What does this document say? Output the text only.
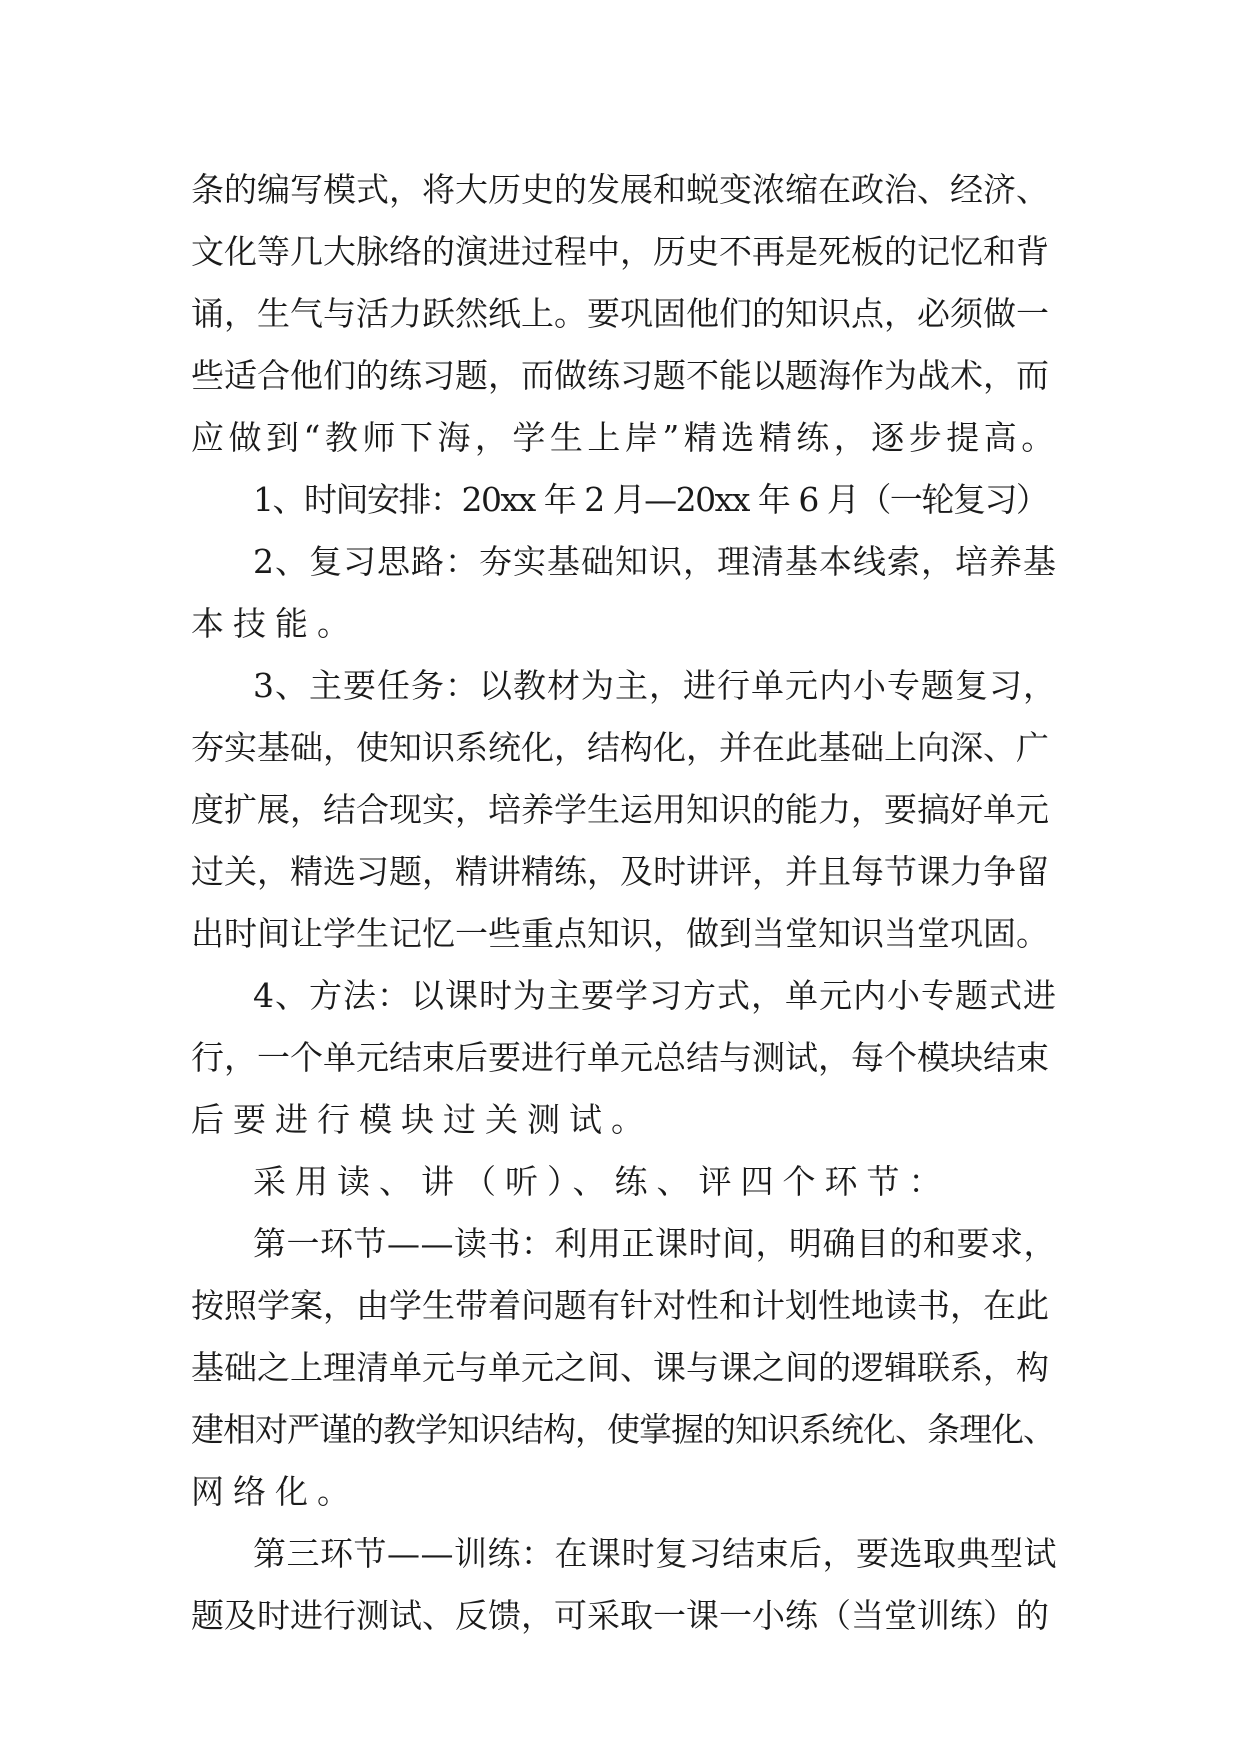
条的编写模式，将大历史的发展和蜕变浓缩在政治、经济、
文化等几大脉络的演进过程中，历史不再是死板的记忆和背
诵，生气与活力跃然纸上。要巩固他们的知识点，必须做一
些适合他们的练习题，而做练习题不能以题海作为战术，而
应做到“教师下海，学生上岸”精选精练，逐步提高。
1、时间安排：20xx 年 2 月—20xx 年 6 月（一轮复习）
2、复习思路：夯实基础知识，理清基本线索，培养基
本技能。
3、主要任务：以教材为主，进行单元内小专题复习，
夯实基础，使知识系统化，结构化，并在此基础上向深、广
度扩展，结合现实，培养学生运用知识的能力，要搞好单元
过关，精选习题，精讲精练，及时讲评，并且每节课力争留
出时间让学生记忆一些重点知识，做到当堂知识当堂巩固。
4、方法：以课时为主要学习方式，单元内小专题式进
行，一个单元结束后要进行单元总结与测试，每个模块结束
后要进行模块过关测试。
采用读、讲（听）、练、评四个环节：
第一环节——读书：利用正课时间，明确目的和要求，
按照学案，由学生带着问题有针对性和计划性地读书，在此
基础之上理清单元与单元之间、课与课之间的逻辑联系，构
建相对严谨的教学知识结构，使掌握的知识系统化、条理化、
网络化。
第三环节——训练：在课时复习结束后，要选取典型试
题及时进行测试、反馈，可采取一课一小练（当堂训练）的
